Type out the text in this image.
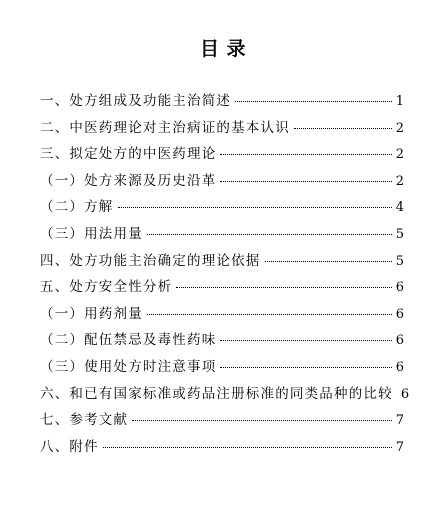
目 录
一、处方组成及功能主治简述	1
二、中医药理论对主治病证的基本认识	2
三、拟定处方的中医药理论	2
（一）处方来源及历史沿革	2
（二）方解	4
（三）用法用量	5
四、处方功能主治确定的理论依据	5
五、处方安全性分析	6
（一）用药剂量	6
（二）配伍禁忌及毒性药味	6
（三）使用处方时注意事项	6
六、和已有国家标准或药品注册标准的同类品种的比较 6
七、参考文献	7
八、附件	7
